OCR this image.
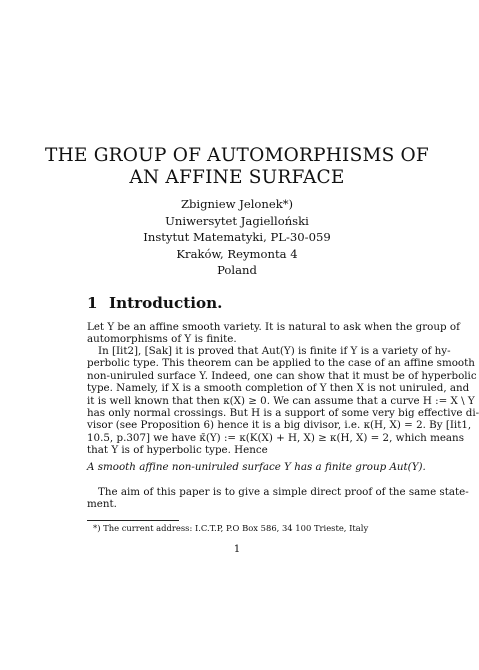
THE GROUP OF AUTOMORPHISMS OF
AN AFFINE SURFACE
Zbigniew Jelonek*)
Uniwersytet Jagielloński
Instytut Matematyki, PL-30-059
Kraków, Reymonta 4
Poland
1 Introduction.
Let Y be an affine smooth variety. It is natural to ask when the group of
automorphisms of Y is finite.
In [Iit2], [Sak] it is proved that Aut(Y) is finite if Y is a variety of hy-
perbolic type. This theorem can be applied to the case of an affine smooth
non-uniruled surface Y. Indeed, one can show that it must be of hyperbolic
type. Namely, if X is a smooth completion of Y then X is not uniruled, and
it is well known that then κ(X) ≥ 0. We can assume that a curve H := X \ Y
has only normal crossings. But H is a support of some very big effective di-
visor (see Proposition 6) hence it is a big divisor, i.e. κ(H, X) = 2. By [Iit1,
10.5, p.307] we have κ̄(Y) := κ(K(X) + H, X) ≥ κ(H, X) = 2, which means
that Y is of hyperbolic type. Hence
A smooth affine non-uniruled surface Y has a finite group Aut(Y).
The aim of this paper is to give a simple direct proof of the same state-
ment.
*) The current address: I.C.T.P, P.O Box 586, 34 100 Trieste, Italy
1
